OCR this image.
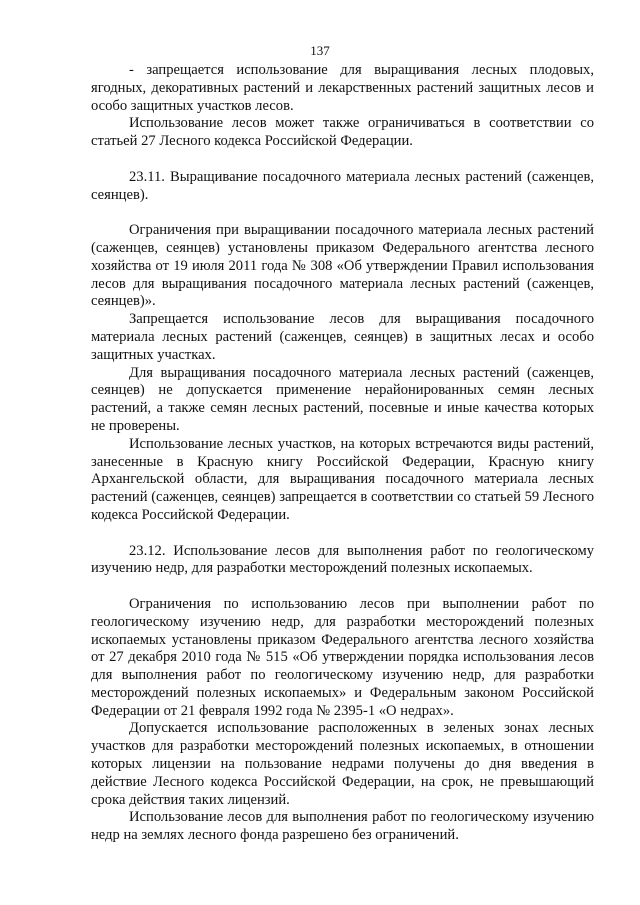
137

- запрещается использование для выращивания лесных плодовых, ягодных, декоративных растений и лекарственных растений защитных лесов и особо защитных участков лесов.

Использование лесов может также ограничиваться в соответствии со статьей 27 Лесного кодекса Российской Федерации.

23.11. Выращивание посадочного материала лесных растений (саженцев, сеянцев).

Ограничения при выращивании посадочного материала лесных растений (саженцев, сеянцев) установлены приказом Федерального агентства лесного хозяйства от 19 июля 2011 года № 308 «Об утверждении Правил использования лесов для выращивания посадочного материала лесных растений (саженцев, сеянцев)».

Запрещается использование лесов для выращивания посадочного материала лесных растений (саженцев, сеянцев) в защитных лесах и особо защитных участках.

Для выращивания посадочного материала лесных растений (саженцев, сеянцев) не допускается применение нерайонированных семян лесных растений, а также семян лесных растений, посевные и иные качества которых не проверены.

Использование лесных участков, на которых встречаются виды растений, занесенные в Красную книгу Российской Федерации, Красную книгу Архангельской области, для выращивания посадочного материала лесных растений (саженцев, сеянцев) запрещается в соответствии со статьей 59 Лесного кодекса Российской Федерации.

23.12. Использование лесов для выполнения работ по геологическому изучению недр, для разработки месторождений полезных ископаемых.

Ограничения по использованию лесов при выполнении работ по геологическому изучению недр, для разработки месторождений полезных ископаемых установлены приказом Федерального агентства лесного хозяйства от 27 декабря 2010 года № 515 «Об утверждении порядка использования лесов для выполнения работ по геологическому изучению недр, для разработки месторождений полезных ископаемых» и Федеральным законом Российской Федерации от 21 февраля 1992 года № 2395-1 «О недрах».

Допускается использование расположенных в зеленых зонах лесных участков для разработки месторождений полезных ископаемых, в отношении которых лицензии на пользование недрами получены до дня введения в действие Лесного кодекса Российской Федерации, на срок, не превышающий срока действия таких лицензий.

Использование лесов для выполнения работ по геологическому изучению недр на землях лесного фонда разрешено без ограничений.
